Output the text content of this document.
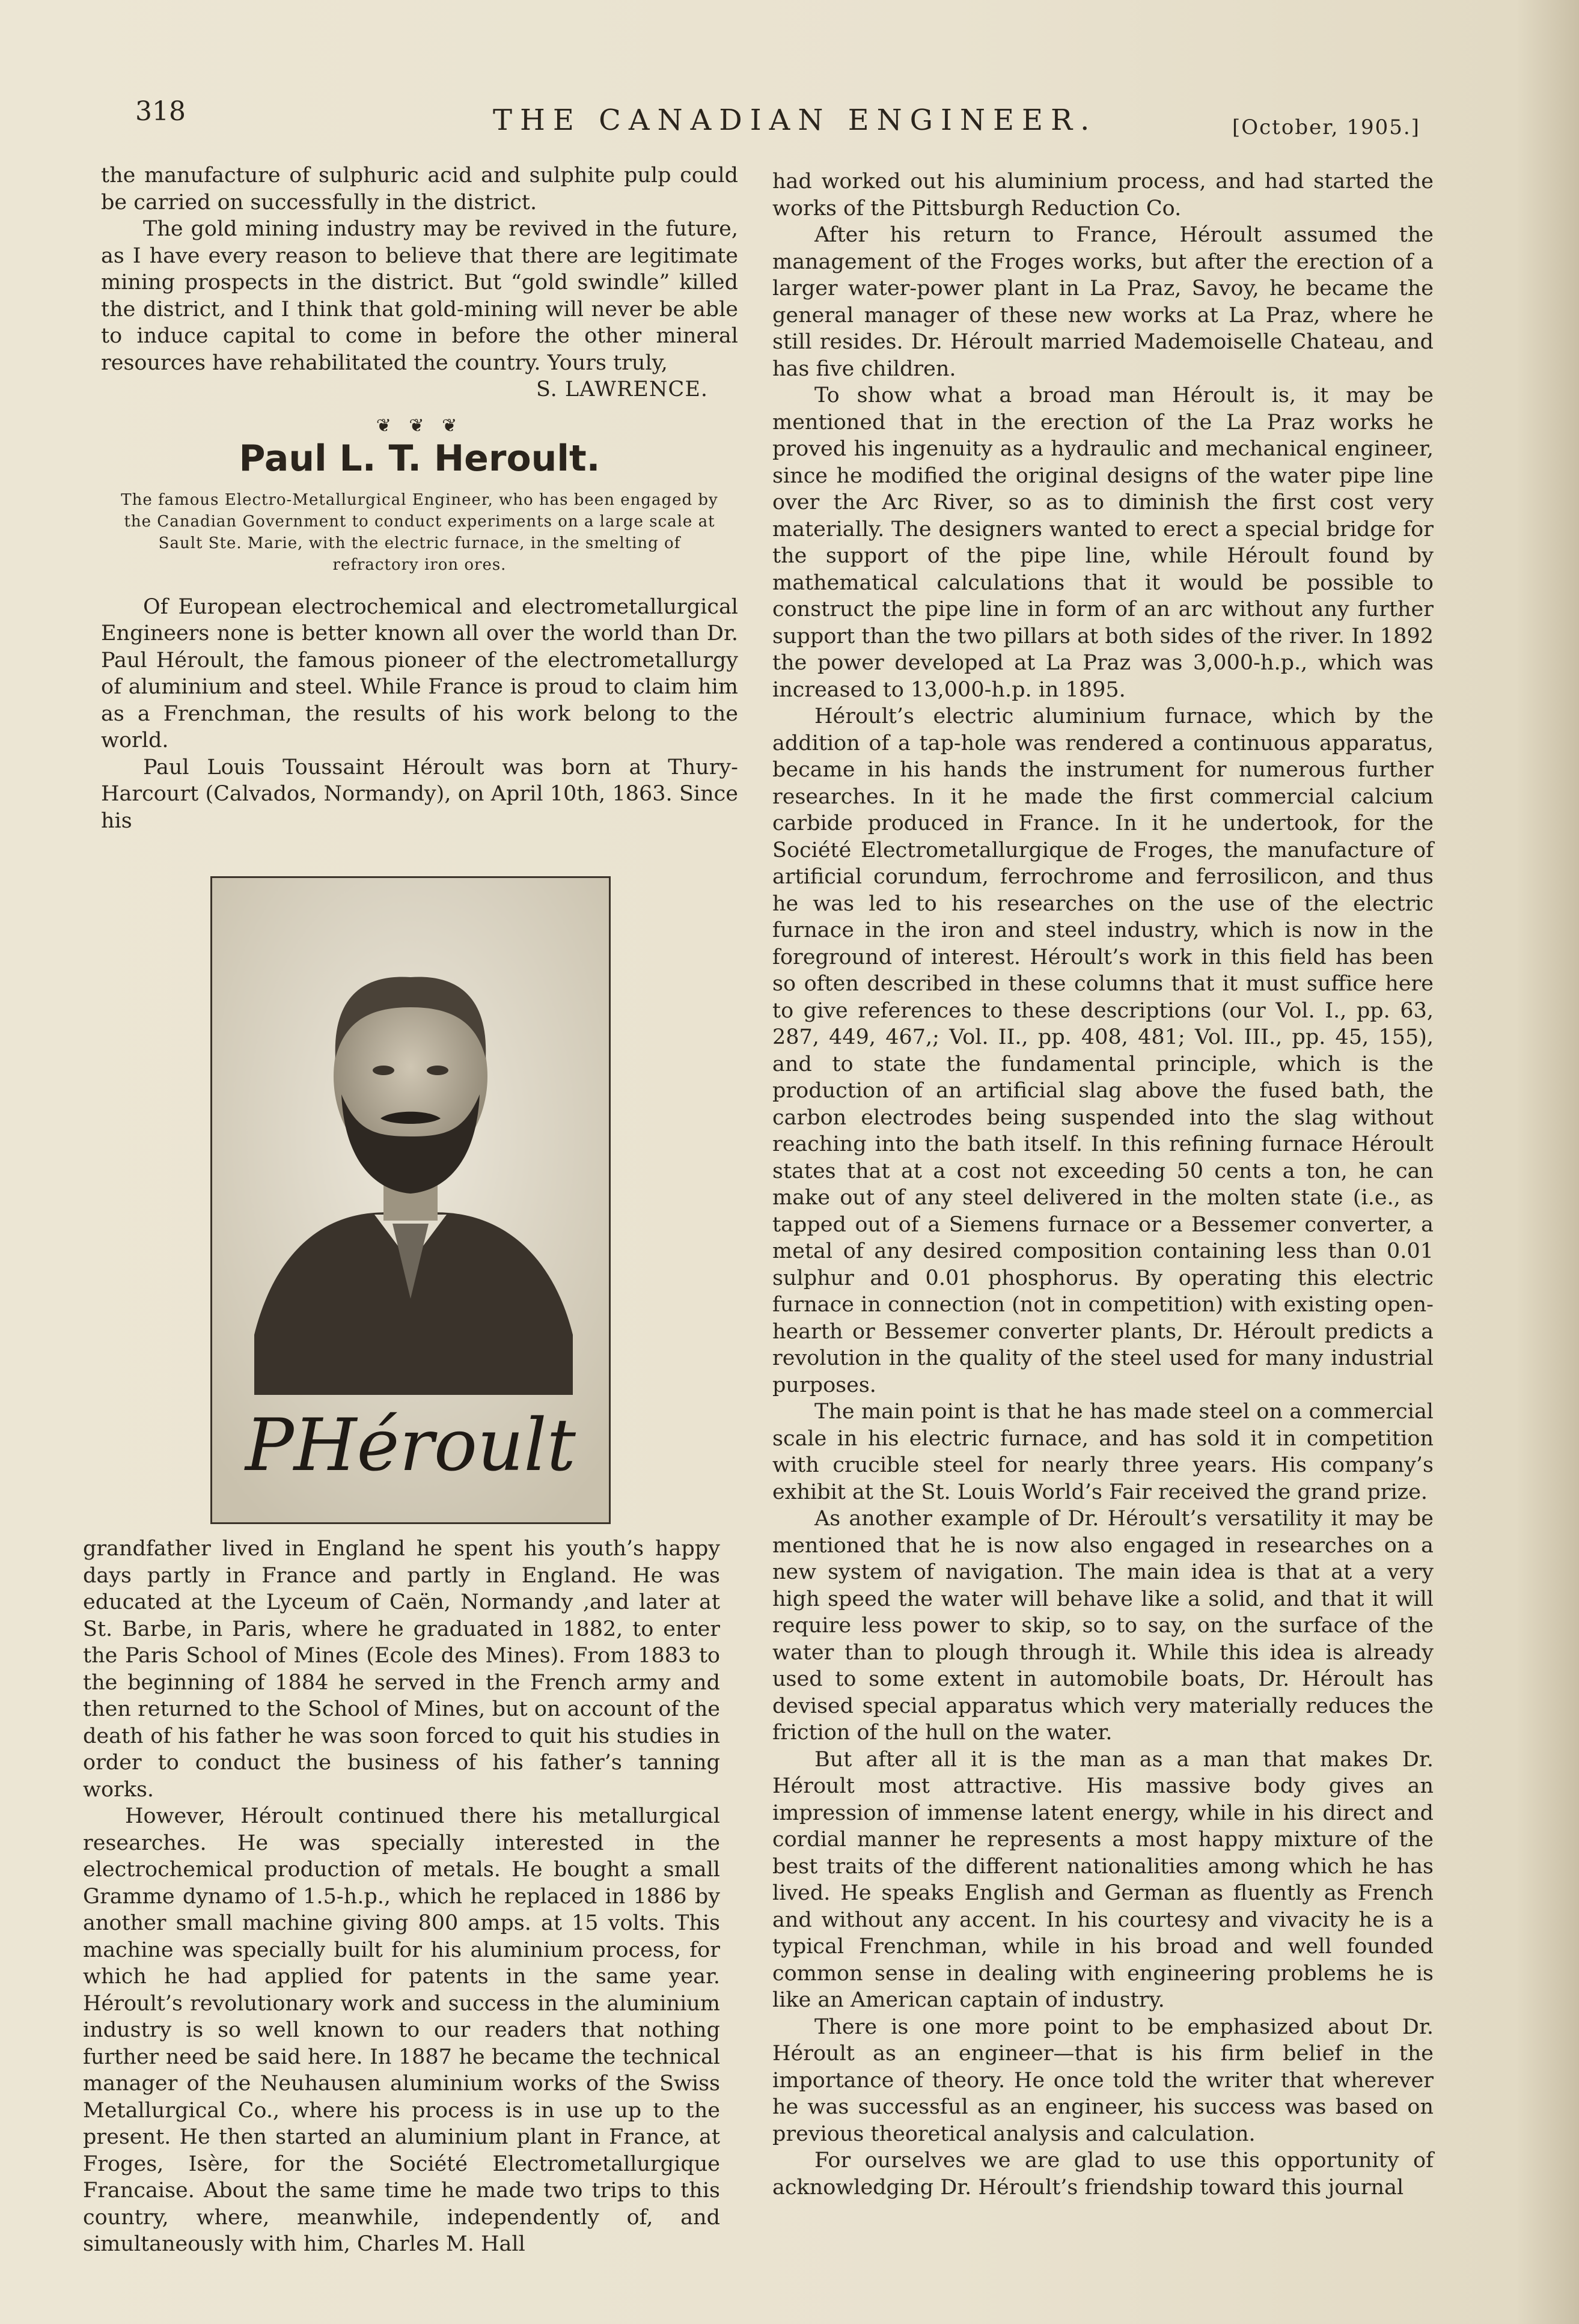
318	THE CANADIAN ENGINEER.	[October, 1905.]

the manufacture of sulphuric acid and sulphite pulp could be carried on successfully in the district.

The gold mining industry may be revived in the future, as I have every reason to believe that there are legitimate mining prospects in the district. But “gold swindle” killed the district, and I think that gold-mining will never be able to induce capital to come in before the other mineral resources have rehabilitated the country. Yours truly,

S. LAWRENCE.

❦ ❦ ❦
Paul L. T. Heroult.
The famous Electro-Metallurgical Engineer, who has been engaged by the Canadian Government to conduct experiments on a large scale at Sault Ste. Marie, with the electric furnace, in the smelting of refractory iron ores.

Of European electrochemical and electrometallurgical Engineers none is better known all over the world than Dr. Paul Héroult, the famous pioneer of the electrometallurgy of aluminium and steel. While France is proud to claim him as a Frenchman, the results of his work belong to the world.

Paul Louis Toussaint Héroult was born at Thury-Harcourt (Calvados, Normandy), on April 10th, 1863. Since his

PHéroult

grandfather lived in England he spent his youth’s happy days partly in France and partly in England. He was educated at the Lyceum of Caën, Normandy ,and later at St. Barbe, in Paris, where he graduated in 1882, to enter the Paris School of Mines (Ecole des Mines). From 1883 to the beginning of 1884 he served in the French army and then returned to the School of Mines, but on account of the death of his father he was soon forced to quit his studies in order to conduct the business of his father’s tanning works.

However, Héroult continued there his metallurgical researches. He was specially interested in the electrochemical production of metals. He bought a small Gramme dynamo of 1.5-h.p., which he replaced in 1886 by another small machine giving 800 amps. at 15 volts. This machine was specially built for his aluminium process, for which he had applied for patents in the same year. Héroult’s revolutionary work and success in the aluminium industry is so well known to our readers that nothing further need be said here. In 1887 he became the technical manager of the Neuhausen aluminium works of the Swiss Metallurgical Co., where his process is in use up to the present. He then started an aluminium plant in France, at Froges, Isère, for the Société Electrometallurgique Francaise. About the same time he made two trips to this country, where, meanwhile, independently of, and simultaneously with him, Charles M. Hall

had worked out his aluminium process, and had started the works of the Pittsburgh Reduction Co.

After his return to France, Héroult assumed the management of the Froges works, but after the erection of a larger water-power plant in La Praz, Savoy, he became the general manager of these new works at La Praz, where he still resides. Dr. Héroult married Mademoiselle Chateau, and has five children.

To show what a broad man Héroult is, it may be mentioned that in the erection of the La Praz works he proved his ingenuity as a hydraulic and mechanical engineer, since he modified the original designs of the water pipe line over the Arc River, so as to diminish the first cost very materially. The designers wanted to erect a special bridge for the support of the pipe line, while Héroult found by mathematical calculations that it would be possible to construct the pipe line in form of an arc without any further support than the two pillars at both sides of the river. In 1892 the power developed at La Praz was 3,000-h.p., which was increased to 13,000-h.p. in 1895.

Héroult’s electric aluminium furnace, which by the addition of a tap-hole was rendered a continuous apparatus, became in his hands the instrument for numerous further researches. In it he made the first commercial calcium carbide produced in France. In it he undertook, for the Société Electrometallurgique de Froges, the manufacture of artificial corundum, ferrochrome and ferrosilicon, and thus he was led to his researches on the use of the electric furnace in the iron and steel industry, which is now in the foreground of interest. Héroult’s work in this field has been so often described in these columns that it must suffice here to give references to these descriptions (our Vol. I., pp. 63, 287, 449, 467,; Vol. II., pp. 408, 481; Vol. III., pp. 45, 155), and to state the fundamental principle, which is the production of an artificial slag above the fused bath, the carbon electrodes being suspended into the slag without reaching into the bath itself. In this refining furnace Héroult states that at a cost not exceeding 50 cents a ton, he can make out of any steel delivered in the molten state (i.e., as tapped out of a Siemens furnace or a Bessemer converter, a metal of any desired composition containing less than 0.01 sulphur and 0.01 phosphorus. By operating this electric furnace in connection (not in competition) with existing open-hearth or Bessemer converter plants, Dr. Héroult predicts a revolution in the quality of the steel used for many industrial purposes.

The main point is that he has made steel on a commercial scale in his electric furnace, and has sold it in competition with crucible steel for nearly three years. His company’s exhibit at the St. Louis World’s Fair received the grand prize.

As another example of Dr. Héroult’s versatility it may be mentioned that he is now also engaged in researches on a new system of navigation. The main idea is that at a very high speed the water will behave like a solid, and that it will require less power to skip, so to say, on the surface of the water than to plough through it. While this idea is already used to some extent in automobile boats, Dr. Héroult has devised special apparatus which very materially reduces the friction of the hull on the water.

But after all it is the man as a man that makes Dr. Héroult most attractive. His massive body gives an impression of immense latent energy, while in his direct and cordial manner he represents a most happy mixture of the best traits of the different nationalities among which he has lived. He speaks English and German as fluently as French and without any accent. In his courtesy and vivacity he is a typical Frenchman, while in his broad and well founded common sense in dealing with engineering problems he is like an American captain of industry.

There is one more point to be emphasized about Dr. Héroult as an engineer—that is his firm belief in the importance of theory. He once told the writer that wherever he was successful as an engineer, his success was based on previous theoretical analysis and calculation.

For ourselves we are glad to use this opportunity of acknowledging Dr. Héroult’s friendship toward this journal
